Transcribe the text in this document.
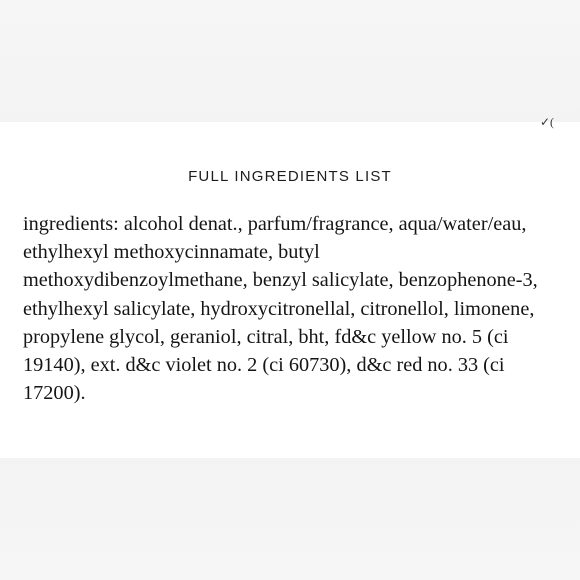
✓(
FULL INGREDIENTS LIST
ingredients: alcohol denat., parfum/fragrance, aqua/water/eau,
ethylhexyl methoxycinnamate, butyl
methoxydibenzoylmethane, benzyl salicylate, benzophenone-3,
ethylhexyl salicylate, hydroxycitronellal, citronellol, limonene,
propylene glycol, geraniol, citral, bht, fd&c yellow no. 5 (ci
19140), ext. d&c violet no. 2 (ci 60730), d&c red no. 33 (ci
17200).
